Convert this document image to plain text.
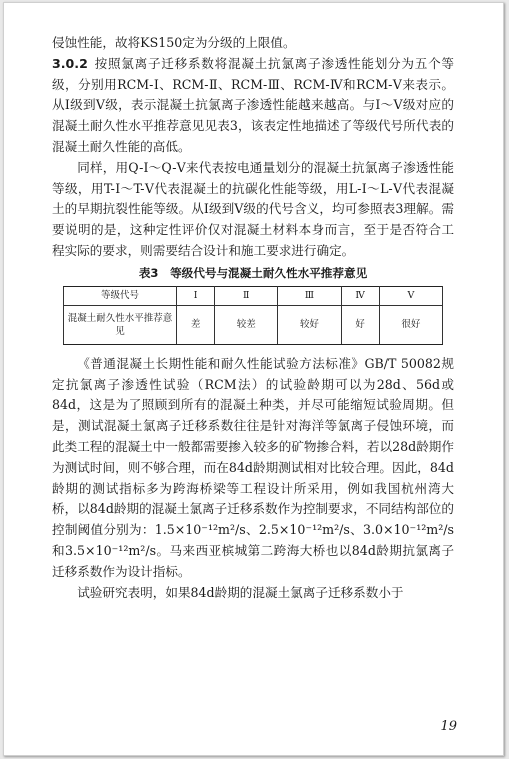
侵蚀性能，故将KS150定为分级的上限值。

3.0.2 按照氯离子迁移系数将混凝土抗氯离子渗透性能划分为五个等级，分别用RCM-Ⅰ、RCM-Ⅱ、RCM-Ⅲ、RCM-Ⅳ和RCM-Ⅴ来表示。从Ⅰ级到Ⅴ级，表示混凝土抗氯离子渗透性能越来越高。与Ⅰ～Ⅴ级对应的混凝土耐久性水平推荐意见见表3，该表定性地描述了等级代号所代表的混凝土耐久性能的高低。

同样，用Q-Ⅰ～Q-Ⅴ来代表按电通量划分的混凝土抗氯离子渗透性能等级，用T-Ⅰ～T-Ⅴ代表混凝土的抗碳化性能等级，用L-Ⅰ～L-Ⅴ代表混凝土的早期抗裂性能等级。从Ⅰ级到Ⅴ级的代号含义，均可参照表3理解。需要说明的是，这种定性评价仅对混凝土材料本身而言，至于是否符合工程实际的要求，则需要结合设计和施工要求进行确定。

表3　等级代号与混凝土耐久性水平推荐意见
等级代号	Ⅰ	Ⅱ	Ⅲ	Ⅳ	Ⅴ
混凝土耐久性水平推荐意见	差	较差	较好	好	很好

《普通混凝土长期性能和耐久性能试验方法标准》GB/T 50082规定抗氯离子渗透性试验（RCM法）的试验龄期可以为28d、56d或84d，这是为了照顾到所有的混凝土种类，并尽可能缩短试验周期。但是，测试混凝土氯离子迁移系数往往是针对海洋等氯离子侵蚀环境，而此类工程的混凝土中一般都需要掺入较多的矿物掺合料，若以28d龄期作为测试时间，则不够合理，而在84d龄期测试相对比较合理。因此，84d龄期的测试指标多为跨海桥梁等工程设计所采用，例如我国杭州湾大桥，以84d龄期的混凝土氯离子迁移系数作为控制要求，不同结构部位的控制阈值分别为：1.5×10⁻¹²m²/s、2.5×10⁻¹²m²/s、3.0×10⁻¹²m²/s和3.5×10⁻¹²m²/s。马来西亚槟城第二跨海大桥也以84d龄期抗氯离子迁移系数作为设计指标。

试验研究表明，如果84d龄期的混凝土氯离子迁移系数小于

19
